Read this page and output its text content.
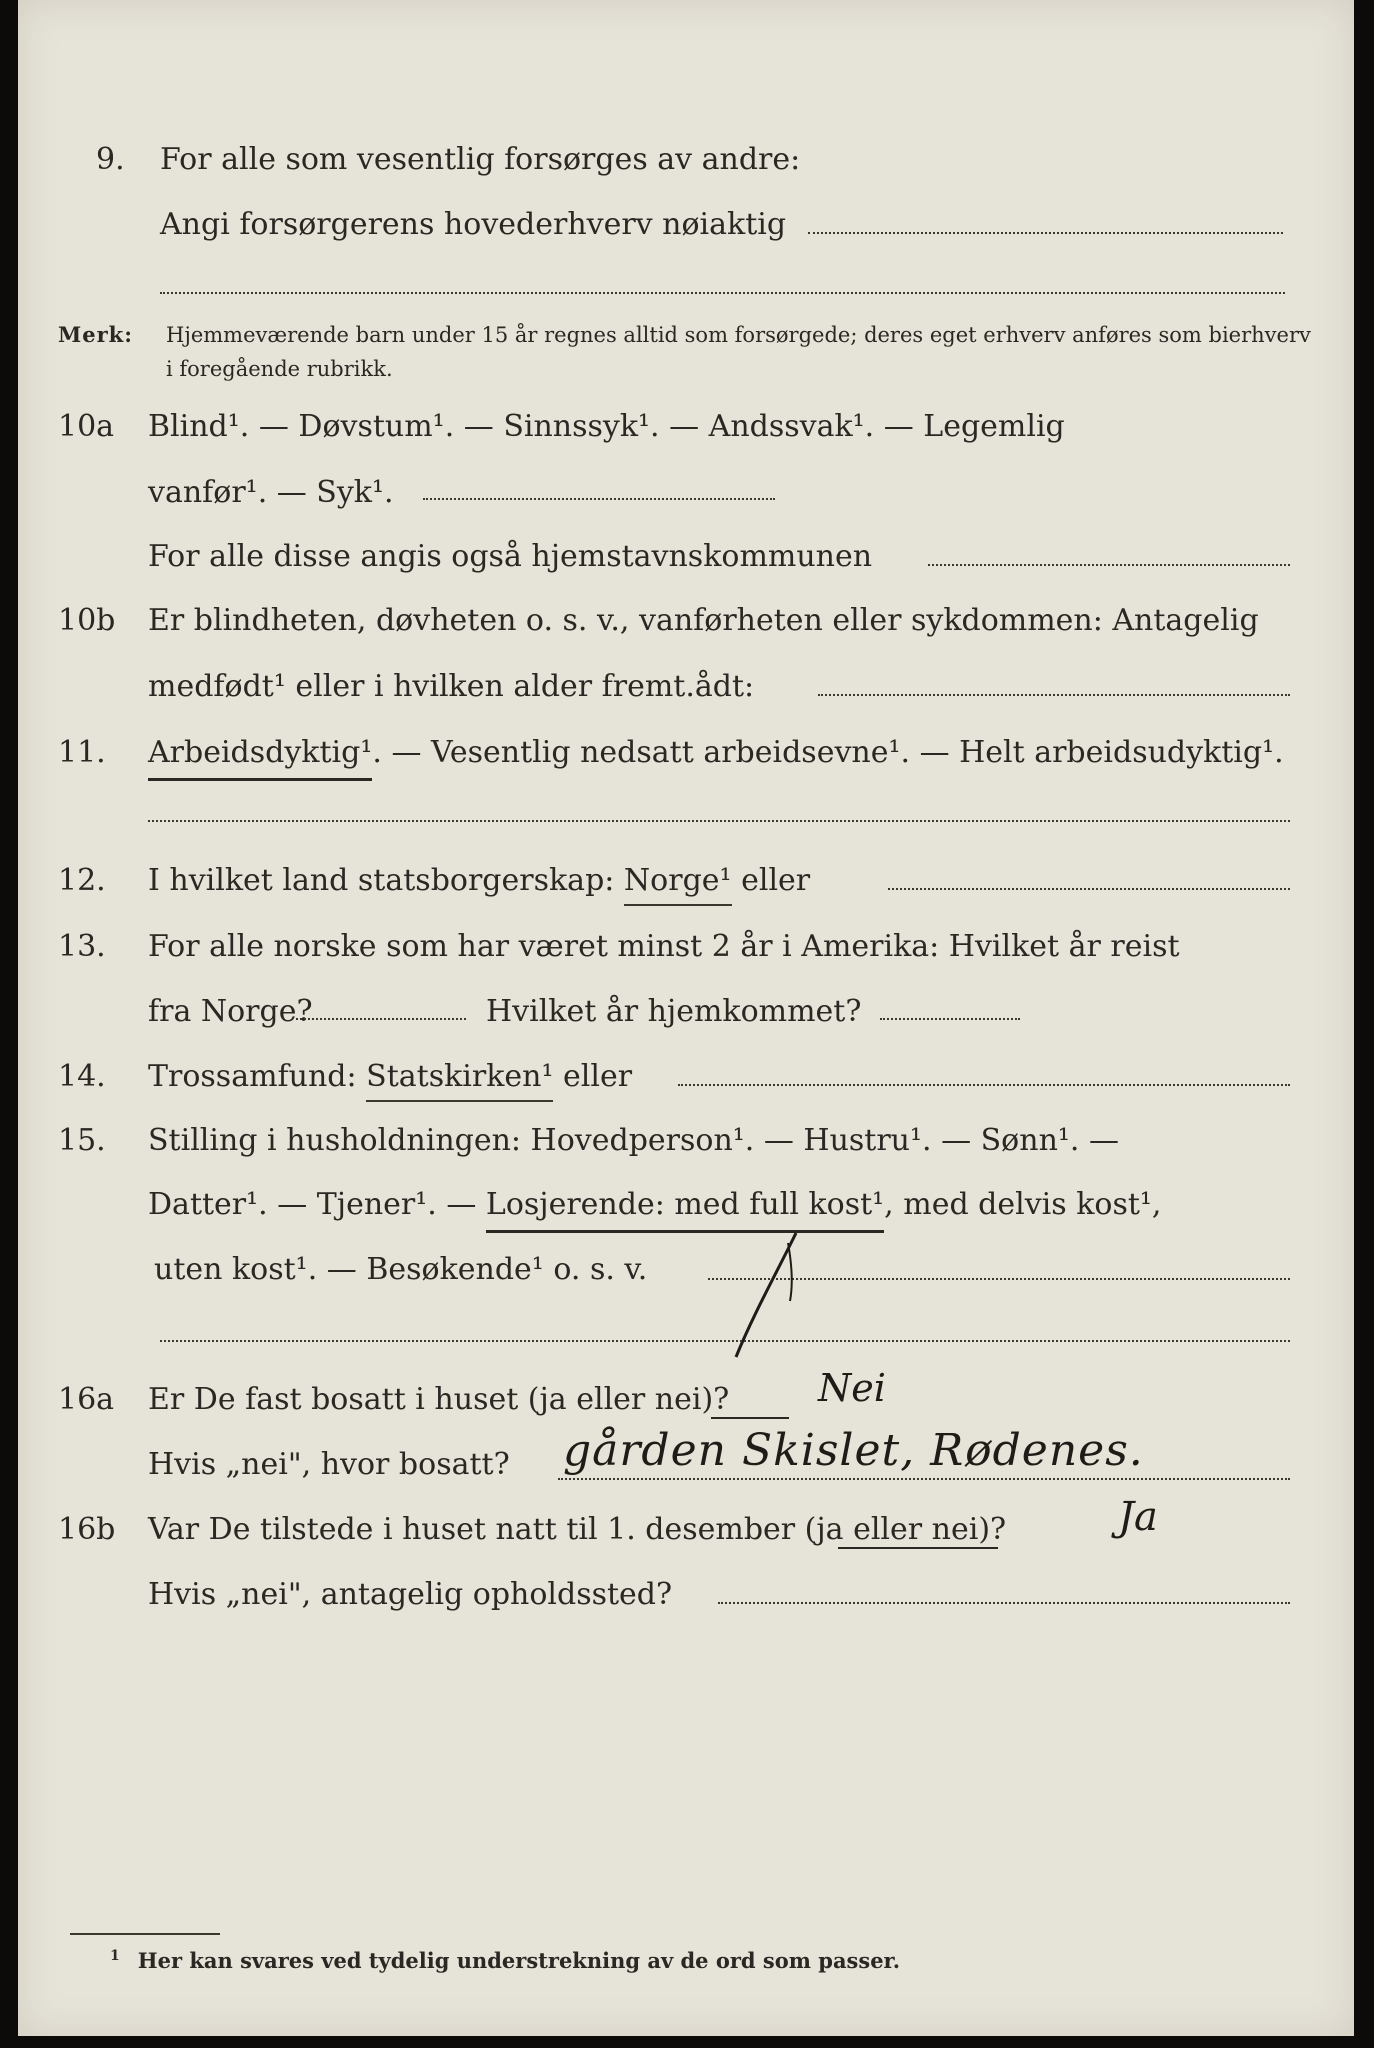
9. For alle som vesentlig forsørges av andre:
Angi forsørgerens hovederhverv nøiaktig
Merk: Hjemmeværende barn under 15 år regnes alltid som forsørgede; deres eget erhverv anføres som bierhverv i foregående rubrikk.
10a Blind¹. — Døvstum¹. — Sinnssyk¹. — Andssvak¹. — Legemlig
vanfør¹. — Syk¹.
For alle disse angis også hjemstavnskommunen
10b Er blindheten, døvheten o. s. v., vanførheten eller sykdommen: Antagelig
medfødt¹ eller i hvilken alder fremt.ådt:
11. Arbeidsdyktig¹. — Vesentlig nedsatt arbeidsevne¹. — Helt arbeidsudyktig¹.
12. I hvilket land statsborgerskap: Norge¹ eller
13. For alle norske som har været minst 2 år i Amerika: Hvilket år reist
fra Norge?	Hvilket år hjemkommet?
14. Trossamfund: Statskirken¹ eller
15. Stilling i husholdningen: Hovedperson¹. — Hustru¹. — Sønn¹. —
Datter¹. — Tjener¹. — Losjerende: med full kost¹, med delvis kost¹,
uten kost¹. — Besøkende¹ o. s. v.
16a Er De fast bosatt i huset (ja eller nei)? Nei
Hvis „nei", hvor bosatt? gården Skislet, Rødenes.
16b Var De tilstede i huset natt til 1. desember (ja eller nei)?	Ja
Hvis „nei", antagelig opholdssted?
$^1$ Her kan svares ved tydelig understrekning av de ord som passer.
